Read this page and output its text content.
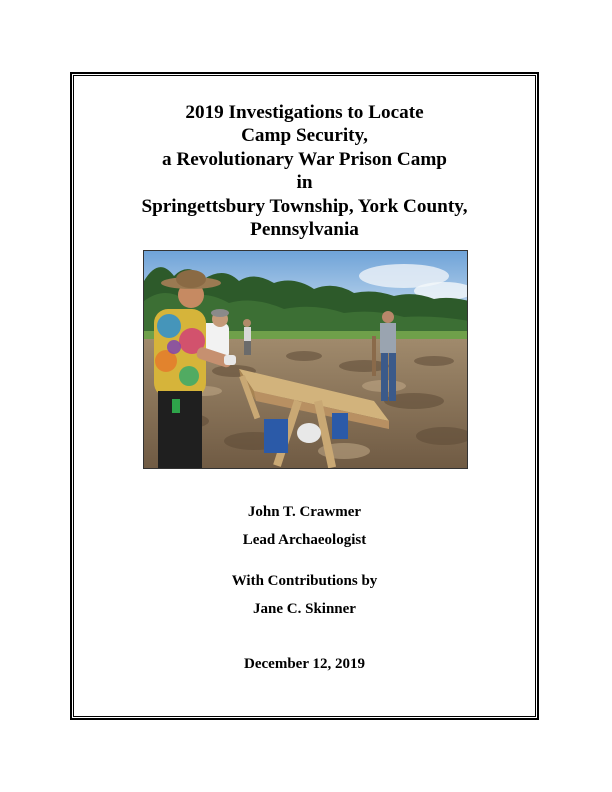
2019 Investigations to Locate
Camp Security,
a Revolutionary War Prison Camp
in
Springettsbury Township, York County,
Pennsylvania
John T. Crawmer
Lead Archaeologist
With Contributions by
Jane C. Skinner
December 12, 2019
